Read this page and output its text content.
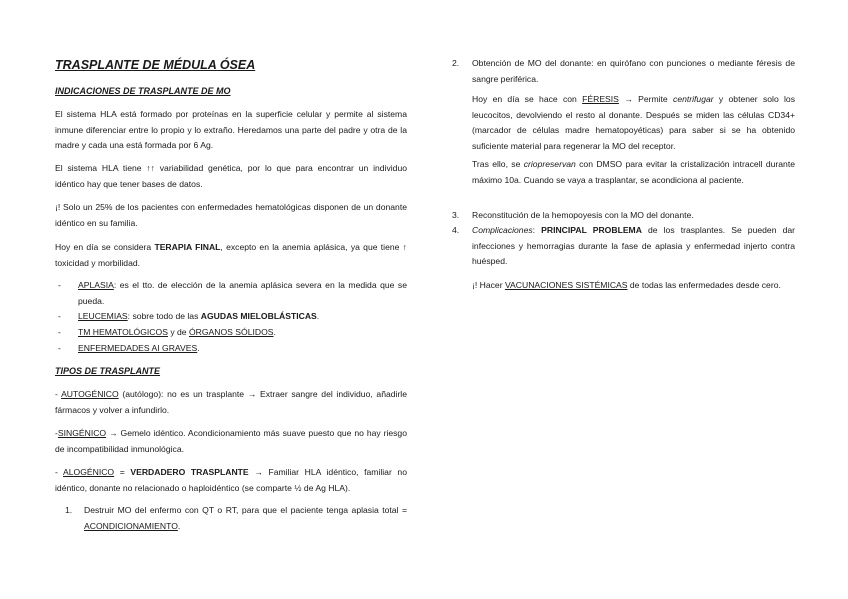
TRASPLANTE DE MÉDULA ÓSEA
INDICACIONES DE TRASPLANTE DE MO
El sistema HLA está formado por proteínas en la superficie celular y permite al sistema inmune diferenciar entre lo propio y lo extraño. Heredamos una parte del padre y otra de la madre y cada una está formada por 6 Ag.
El sistema HLA tiene ↑↑ variabilidad genética, por lo que para encontrar un individuo idéntico hay que tener bases de datos.
¡! Solo un 25% de los pacientes con enfermedades hematológicas disponen de un donante idéntico en su familia.
Hoy en día se considera TERAPIA FINAL, excepto en la anemia aplásica, ya que tiene ↑ toxicidad y morbilidad.
- APLASIA: es el tto. de elección de la anemia aplásica severa en la medida que se pueda.
- LEUCEMIAS: sobre todo de las AGUDAS MIELOBLÁSTICAS.
- TM HEMATOLÓGICOS y de ÓRGANOS SÓLIDOS.
- ENFERMEDADES AI GRAVES.
TIPOS DE TRASPLANTE
- AUTOGÉNICO (autólogo): no es un trasplante → Extraer sangre del individuo, añadirle fármacos y volver a infundirlo.
-SINGÉNICO → Gemelo idéntico. Acondicionamiento más suave puesto que no hay riesgo de incompatibilidad inmunológica.
- ALOGÉNICO = VERDADERO TRASPLANTE → Familiar HLA idéntico, familiar no idéntico, donante no relacionado o haploidéntico (se comparte ½ de Ag HLA).
1. Destruir MO del enfermo con QT o RT, para que el paciente tenga aplasia total = ACONDICIONAMIENTO.
2. Obtención de MO del donante: en quirófano con punciones o mediante féresis de sangre periférica.
Hoy en día se hace con FÉRESIS → Permite centrifugar y obtener solo los leucocitos, devolviendo el resto al donante. Después se miden las células CD34+ (marcador de células madre hematopoyéticas) para saber si se ha obtenido suficiente material para regenerar la MO del receptor.
Tras ello, se criopreservan con DMSO para evitar la cristalización intracell durante máximo 10a. Cuando se vaya a trasplantar, se acondiciona al paciente.
3. Reconstitución de la hemopoyesis con la MO del donante.
4. Complicaciones: PRINCIPAL PROBLEMA de los trasplantes. Se pueden dar infecciones y hemorragias durante la fase de aplasia y enfermedad injerto contra huésped.
¡! Hacer VACUNACIONES SISTÉMICAS de todas las enfermedades desde cero.
